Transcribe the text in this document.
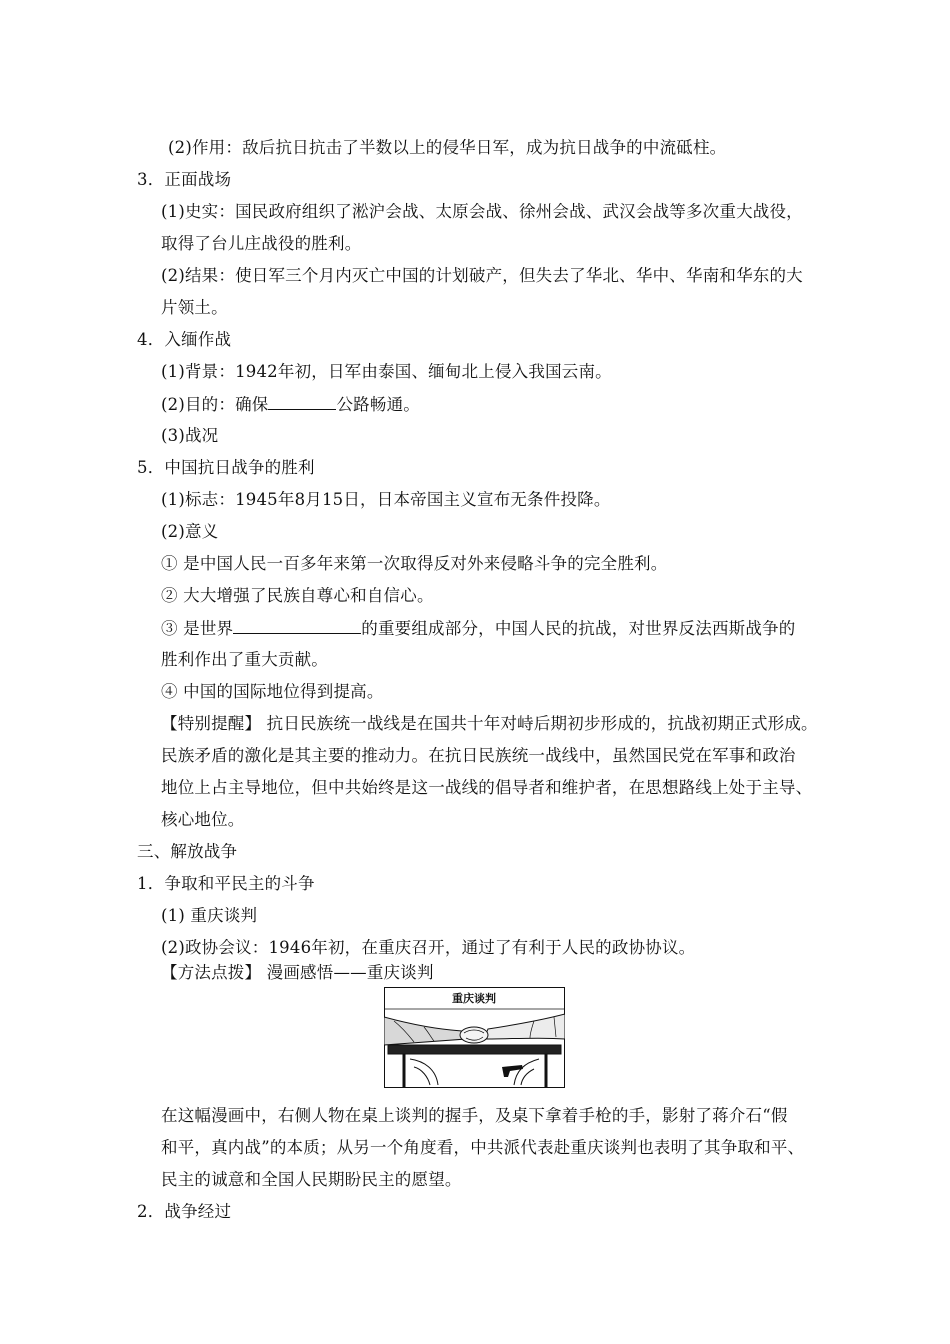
(2)作用：敌后抗日抗击了半数以上的侵华日军，成为抗日战争的中流砥柱。
3．正面战场
(1)史实：国民政府组织了淞沪会战、太原会战、徐州会战、武汉会战等多次重大战役，
取得了台儿庄战役的胜利。
(2)结果：使日军三个月内灭亡中国的计划破产，但失去了华北、华中、华南和华东的大
片领土。
4．入缅作战
(1)背景：1942年初，日军由泰国、缅甸北上侵入我国云南。
(2)目的：确保	公路畅通。
(3)战况
5．中国抗日战争的胜利
(1)标志：1945年8月15日，日本帝国主义宣布无条件投降。
(2)意义
① 是中国人民一百多年来第一次取得反对外来侵略斗争的完全胜利。
② 大大增强了民族自尊心和自信心。
③ 是世界	的重要组成部分，中国人民的抗战，对世界反法西斯战争的
胜利作出了重大贡献。
④ 中国的国际地位得到提高。
【特别提醒】 抗日民族统一战线是在国共十年对峙后期初步形成的，抗战初期正式形成。
民族矛盾的激化是其主要的推动力。在抗日民族统一战线中，虽然国民党在军事和政治
地位上占主导地位，但中共始终是这一战线的倡导者和维护者，在思想路线上处于主导、
核心地位。
三、解放战争
1．争取和平民主的斗争
(1) 重庆谈判
(2)政协会议：1946年初，在重庆召开，通过了有利于人民的政协协议。
【方法点拨】 漫画感悟——重庆谈判
重庆谈判
在这幅漫画中，右侧人物在桌上谈判的握手，及桌下拿着手枪的手，影射了蒋介石“假
和平，真内战”的本质；从另一个角度看，中共派代表赴重庆谈判也表明了其争取和平、
民主的诚意和全国人民期盼民主的愿望。
2．战争经过
